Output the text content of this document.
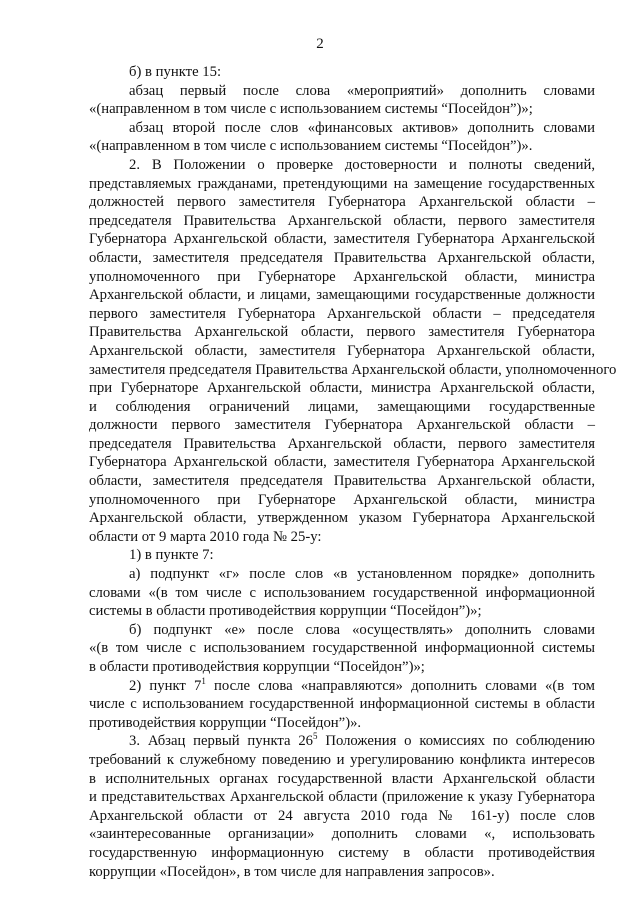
2
б) в пункте 15:
абзац первый после слова «мероприятий» дополнить словами
«(направленном в том числе с использованием системы “Посейдон”)»;
абзац второй после слов «финансовых активов» дополнить словами
«(направленном в том числе с использованием системы “Посейдон”)».
2. В Положении о проверке достоверности и полноты сведений,
представляемых гражданами, претендующими на замещение государственных
должностей первого заместителя Губернатора Архангельской области –
председателя Правительства Архангельской области, первого заместителя
Губернатора Архангельской области, заместителя Губернатора Архангельской
области, заместителя председателя Правительства Архангельской области,
уполномоченного при Губернаторе Архангельской области, министра
Архангельской области, и лицами, замещающими государственные должности
первого заместителя Губернатора Архангельской области – председателя
Правительства Архангельской области, первого заместителя Губернатора
Архангельской области, заместителя Губернатора Архангельской области,
заместителя председателя Правительства Архангельской области, уполномоченного
при Губернаторе Архангельской области, министра Архангельской области,
и соблюдения ограничений лицами, замещающими государственные
должности первого заместителя Губернатора Архангельской области –
председателя Правительства Архангельской области, первого заместителя
Губернатора Архангельской области, заместителя Губернатора Архангельской
области, заместителя председателя Правительства Архангельской области,
уполномоченного при Губернаторе Архангельской области, министра
Архангельской области, утвержденном указом Губернатора Архангельской
области от 9 марта 2010 года № 25-у:
1) в пункте 7:
а) подпункт «г» после слов «в установленном порядке» дополнить
словами «(в том числе с использованием государственной информационной
системы в области противодействия коррупции “Посейдон”)»;
б) подпункт «е» после слова «осуществлять» дополнить словами
«(в том числе с использованием государственной информационной системы
в области противодействия коррупции “Посейдон”)»;
2) пункт $7^1$ после слова «направляются» дополнить словами «(в том
числе с использованием государственной информационной системы в области
противодействия коррупции “Посейдон”)».
3. Абзац первый пункта $26^5$ Положения о комиссиях по соблюдению
требований к служебному поведению и урегулированию конфликта интересов
в исполнительных органах государственной власти Архангельской области
и представительствах Архангельской области (приложение к указу Губернатора
Архангельской области от 24 августа 2010 года № 161-у) после слов
«заинтересованные организации» дополнить словами «, использовать
государственную информационную систему в области противодействия
коррупции «Посейдон», в том числе для направления запросов».
